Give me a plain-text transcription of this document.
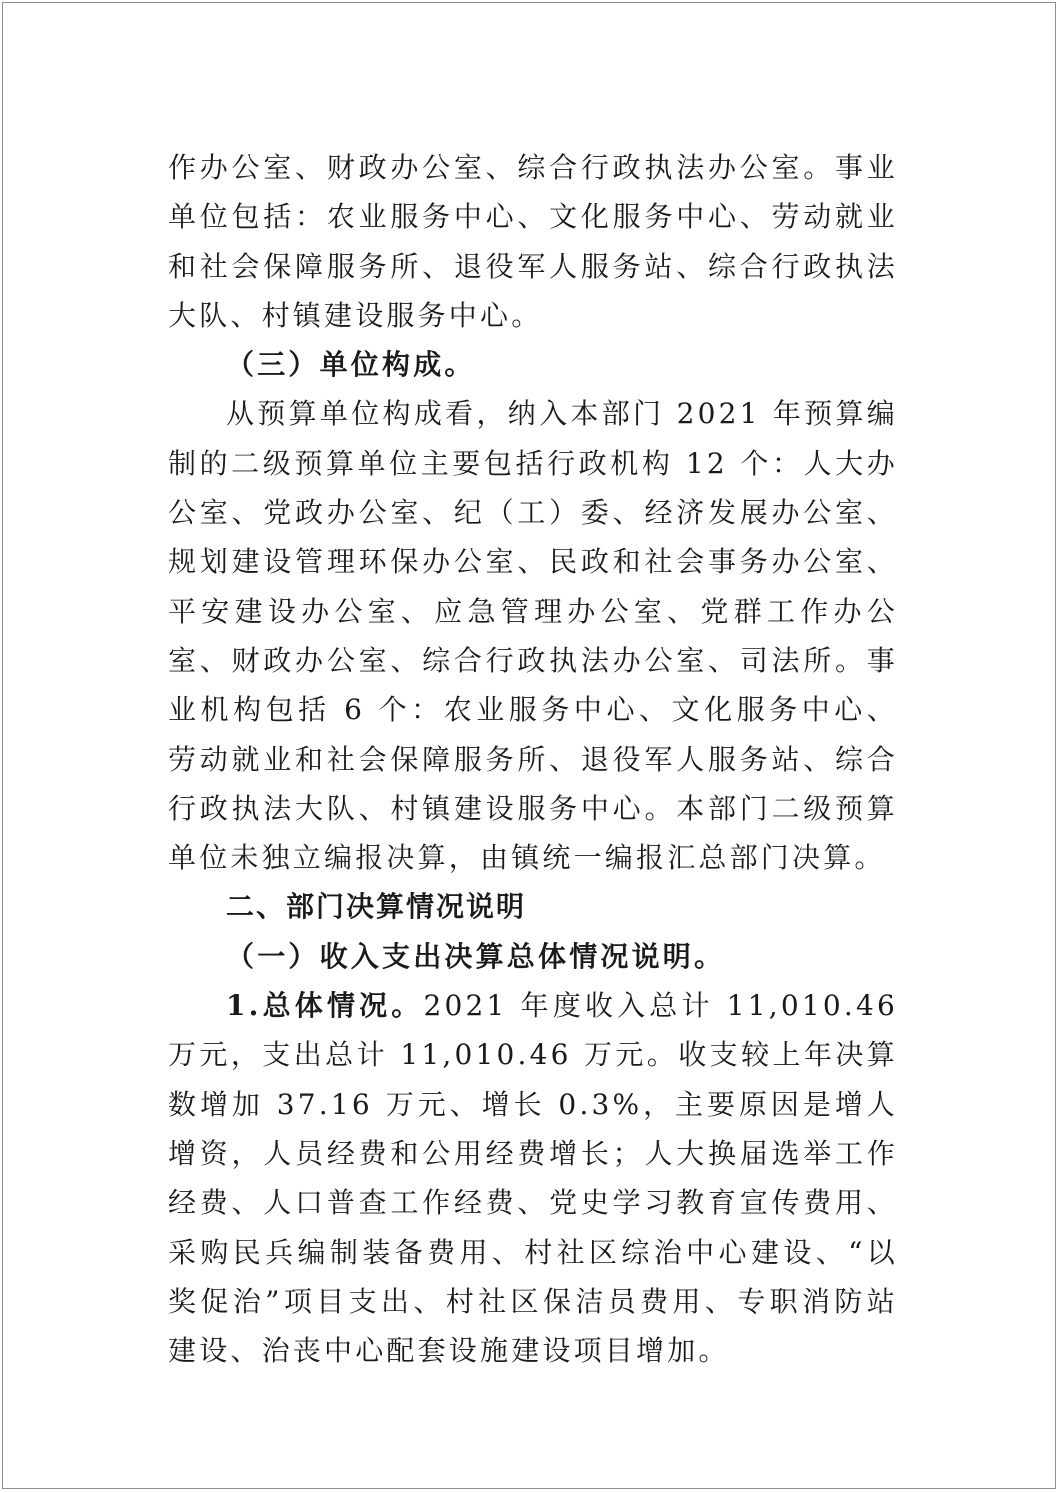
作办公室、财政办公室、综合行政执法办公室。事业单位包括：农业服务中心、文化服务中心、劳动就业和社会保障服务所、退役军人服务站、综合行政执法大队、村镇建设服务中心。

（三）单位构成。

从预算单位构成看，纳入本部门 2021 年预算编制的二级预算单位主要包括行政机构 12 个：人大办公室、党政办公室、纪（工）委、经济发展办公室、规划建设管理环保办公室、民政和社会事务办公室、平安建设办公室、应急管理办公室、党群工作办公室、财政办公室、综合行政执法办公室、司法所。事业机构包括 6 个：农业服务中心、文化服务中心、劳动就业和社会保障服务所、退役军人服务站、综合行政执法大队、村镇建设服务中心。本部门二级预算单位未独立编报决算，由镇统一编报汇总部门决算。

二、部门决算情况说明

（一）收入支出决算总体情况说明。

1.总体情况。2021 年度收入总计 11,010.46 万元，支出总计 11,010.46 万元。收支较上年决算数增加 37.16 万元、增长 0.3%，主要原因是增人增资，人员经费和公用经费增长；人大换届选举工作经费、人口普查工作经费、党史学习教育宣传费用、采购民兵编制装备费用、村社区综治中心建设、“以奖促治”项目支出、村社区保洁员费用、专职消防站建设、治丧中心配套设施建设项目增加。
